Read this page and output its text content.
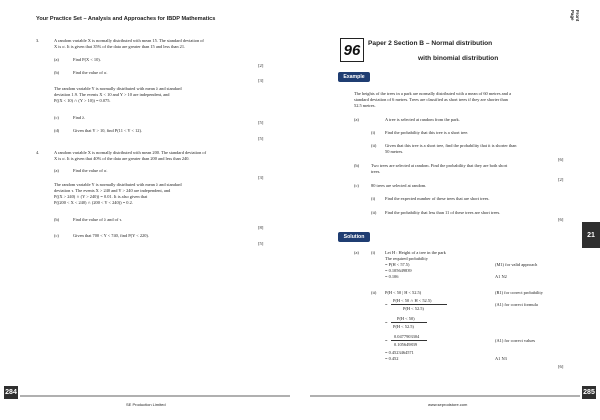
Your Practice Set – Analysis and Approaches for IBDP Mathematics	Front Page
3.	A random variable X is normally distributed with mean 15. The standard deviation of
X is σ. It is given that 35% of the data are greater than 15 and less than 21.
(a)	Find P(X < 10).
[2]
(b)	Find the value of σ.
[3]
The random variable Y is normally distributed with mean λ and standard
deviation 1.9. The events X < 10 and Y > 10 are independent, and
P((X < 10) ∩ (Y > 10)) = 0.075.
(c)	Find λ.
[5]
(d)	Given that Y > 10, find P(11 < Y < 12).
[5]
4.	A random variable X is normally distributed with mean 200. The standard deviation of
X is σ. It is given that 40% of the data are greater than 200 and less than 240.
(a)	Find the value of σ.
[3]
The random variable Y is normally distributed with mean λ and standard
deviation τ. The events X > 240 and Y > 240 are independent, and
P((X > 240) ∩ (Y > 240)) = 0.01. It is also given that
P((200 < X < 240) ∩ (200 < Y < 240)) = 0.2.
(b)	Find the value of λ and of τ.
[8]
(c)	Given that 700 < Y < 740, find P(Y < 220).
[5]
96	Paper 2 Section B – Normal distribution
with binomial distribution
Example
The heights of the trees in a park are normally distributed with a mean of 60 metres and a
standard deviation of 6 metres. Trees are classified as short trees if they are shorter than
52.5 metres.
(a)	A tree is selected at random from the park.
(i) Find the probability that this tree is a short tree.
(ii) Given that this tree is a short tree, find the probability that it is shorter than
50 metres.
[6]
(b)	Two trees are selected at random. Find the probability that they are both short
trees.
[2]
(c)	80 trees are selected at random.
(i) Find the expected number of these trees that are short trees.
(ii) Find the probability that less than 11 of these trees are short trees.
[6]
Solution
(a)	(i) Let H : Height of a tree in the park
The required probability
= P(H < 57.5)
= 0.105649839
= 0.106
(M1) for valid approach
A1 N2
(ii) P(H < 50 | H < 52.5)
=
P(H < 50 ∩ H < 52.5)
P(H < 52.5)
=
P(H < 50)
P(H < 52.5)
=
0.0477903304
0.105649839
= 0.4523464571
= 0.452
(R1) for correct probability
(A1) for correct formula
(A1) for correct values
A1 N3
[6]
21
284
SE Production Limited	www.seprodstore.com
285
